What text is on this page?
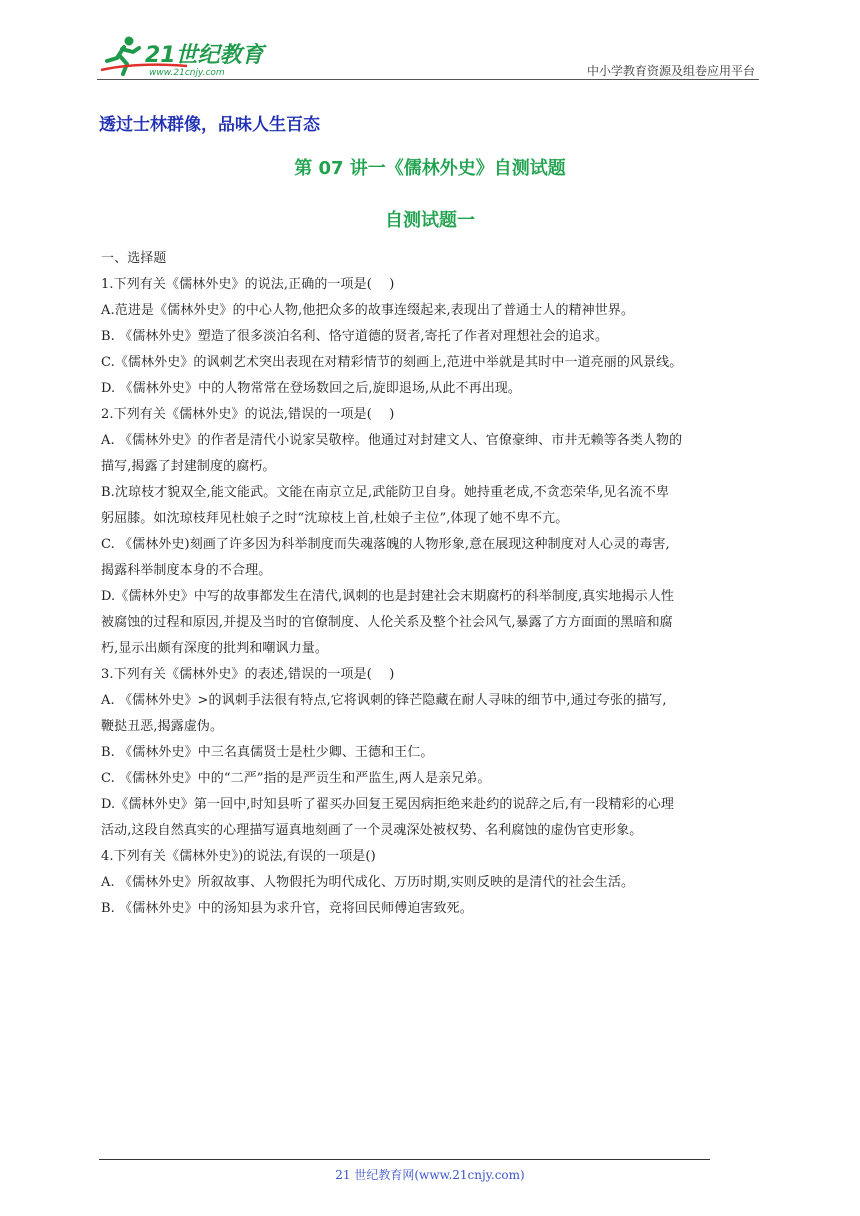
21世纪教育
www.21cnjy.com	中小学教育资源及组卷应用平台
透过士林群像，品味人生百态
第 07 讲一《儒林外史》自测试题
自测试题一
一、选择题
1.下列有关《儒林外史》的说法,正确的一项是(　 )
A.范进是《儒林外史》的中心人物,他把众多的故事连缀起来,表现出了普通士人的精神世界。
B. 《儒林外史》塑造了很多淡泊名利、恪守道德的贤者,寄托了作者对理想社会的追求。
C.《儒林外史》的讽刺艺术突出表现在对精彩情节的刻画上,范进中举就是其时中一道亮丽的风景线。
D. 《儒林外史》中的人物常常在登场数回之后,旋即退场,从此不再出现。
2.下列有关《儒林外史》的说法,错误的一项是(　 )
A. 《儒林外史》的作者是清代小说家吴敬梓。他通过对封建文人、官僚豪绅、市井无赖等各类人物的
描写,揭露了封建制度的腐朽。
B.沈琼枝才貌双全,能文能武。文能在南京立足,武能防卫自身。她持重老成,不贪恋荣华,见名流不卑
躬屈膝。如沈琼枝拜见杜娘子之时“沈琼枝上首,杜娘子主位”,体现了她不卑不亢。
C. 《儒林外史)刻画了许多因为科举制度而失魂落魄的人物形象,意在展现这种制度对人心灵的毒害,
揭露科举制度本身的不合理。
D.《儒林外史》中写的故事都发生在清代,讽刺的也是封建社会末期腐朽的科举制度,真实地揭示人性
被腐蚀的过程和原因,并提及当时的官僚制度、人伦关系及整个社会风气,暴露了方方面面的黑暗和腐
朽,显示出颇有深度的批判和嘲讽力量。
3.下列有关《儒林外史》的表述,错误的一项是(　 )
A. 《儒林外史》>的讽刺手法很有特点,它将讽刺的锋芒隐藏在耐人寻味的细节中,通过夸张的描写,
鞭挞丑恶,揭露虚伪。
B. 《儒林外史》中三名真儒贤士是杜少卿、王德和王仁。
C. 《儒林外史》中的“二严”指的是严贡生和严监生,两人是亲兄弟。
D.《儒林外史》第一回中,时知县听了翟买办回复王冕因病拒绝来赴约的说辞之后,有一段精彩的心理
活动,这段自然真实的心理描写逼真地刻画了一个灵魂深处被权势、名利腐蚀的虚伪官吏形象。
4.下列有关《儒林外史》)的说法,有误的一项是()
A. 《儒林外史》所叙故事、人物假托为明代成化、万历时期,实则反映的是清代的社会生活。
B. 《儒林外史》中的汤知县为求升官，竞将回民师傅迫害致死。
21 世纪教育网(www.21cnjy.com)
